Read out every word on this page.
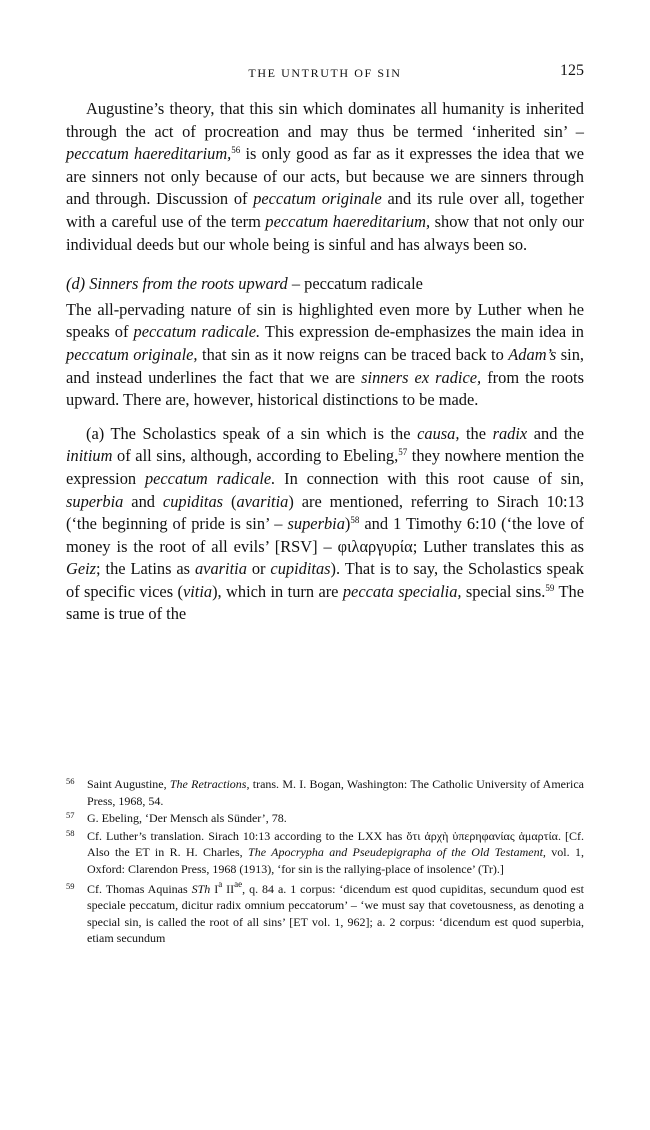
THE UNTRUTH OF SIN	125

Augustine’s theory, that this sin which dominates all humanity is inherited through the act of procreation and may thus be termed ‘inherited sin’ – peccatum haereditarium,$^{56}$ is only good as far as it expresses the idea that we are sinners not only because of our acts, but because we are sinners through and through. Discussion of peccatum originale and its rule over all, together with a careful use of the term peccatum haereditarium, show that not only our individual deeds but our whole being is sinful and has always been so.

(d) Sinners from the roots upward – peccatum radicale

The all-pervading nature of sin is highlighted even more by Luther when he speaks of peccatum radicale. This expression de-emphasizes the main idea in peccatum originale, that sin as it now reigns can be traced back to Adam’s sin, and instead underlines the fact that we are sinners ex radice, from the roots upward. There are, however, historical distinctions to be made.

(a) The Scholastics speak of a sin which is the causa, the radix and the initium of all sins, although, according to Ebeling,$^{57}$ they nowhere mention the expression peccatum radicale. In connection with this root cause of sin, superbia and cupiditas (avaritia) are mentioned, referring to Sirach 10:13 (‘the beginning of pride is sin’ – superbia)$^{58}$ and 1 Timothy 6:10 (‘the love of money is the root of all evils’ [RSV] – φιλαργυρία; Luther translates this as Geiz; the Latins as avaritia or cupiditas). That is to say, the Scholastics speak of specific vices (vitia), which in turn are peccata specialia, special sins.$^{59}$ The same is true of the

56 Saint Augustine, The Retractions, trans. M. I. Bogan, Washington: The Catholic University of America Press, 1968, 54.

57 G. Ebeling, ‘Der Mensch als Sünder’, 78.

58 Cf. Luther’s translation. Sirach 10:13 according to the LXX has ὅτι ἀρχὴ ὑπερηφανίας ἁμαρτία. [Cf. Also the ET in R. H. Charles, The Apocrypha and Pseudepigrapha of the Old Testament, vol. 1, Oxford: Clarendon Press, 1968 (1913), ‘for sin is the rallying-place of insolence’ (Tr).]

59 Cf. Thomas Aquinas STh $I^a$ $II^{ae}$, q. 84 a. 1 corpus: ‘dicendum est quod cupiditas, secundum quod est speciale peccatum, dicitur radix omnium peccatorum’ – ‘we must say that covetousness, as denoting a special sin, is called the root of all sins’ [ET vol. 1, 962]; a. 2 corpus: ‘dicendum est quod superbia, etiam secundum
